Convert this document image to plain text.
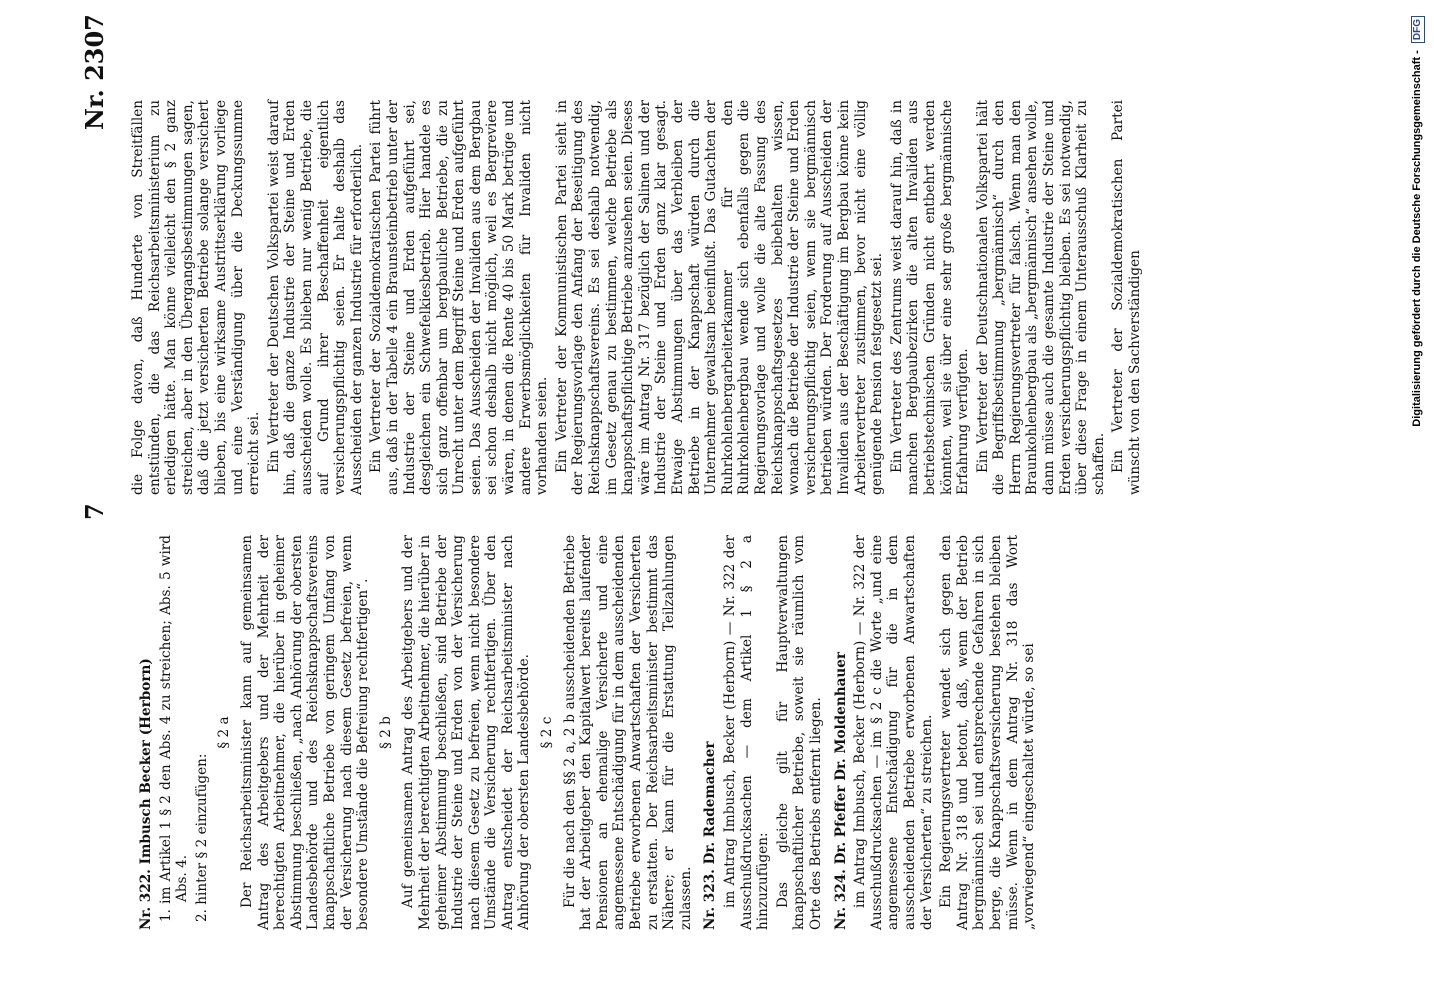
7
Nr. 2307

Nr. 322. Imbusch Becker (Herborn) 1. im Artikel 1 § 2 den Abs. 4 zu streichen; Abs. 5 wird Abs. 4. 2. hinter § 2 einzufügen:

§ 2 a Der Reichsarbeitsminister kann auf gemeinsamen Antrag des Arbeitgebers und der Mehrheit der berechtigten Arbeitnehmer, die hierüber in geheimer Abstimmung beschließen, „nach Anhörung der obersten Landesbehörde und des Reichsknappschaftsvereins knappschaftliche Betriebe von geringem Umfang von der Versicherung nach diesem Gesetz befreien, wenn besondere Umstände die Befreiung rechtfertigen“. § 2 b Auf gemeinsamen Antrag des Arbeitgebers und der Mehrheit der berechtigten Arbeitnehmer, die hierüber in geheimer Abstimmung beschließen, sind Betriebe der Industrie der Steine und Erden von der Versicherung nach diesem Gesetz zu befreien, wenn nicht besondere Umstände die Versicherung rechtfertigen. Über den Antrag entscheidet der Reichsarbeitsminister nach Anhörung der obersten Landesbehörde. § 2 c Für die nach den §§ 2 a, 2 b ausscheidenden Betriebe hat der Arbeitgeber den Kapitalwert bereits laufender Pensionen an ehemalige Versicherte und eine angemessene Entschädigung für in dem ausscheidenden Betriebe erworbenen Anwartschaften der Versicherten zu erstatten. Der Reichsarbeitsminister bestimmt das Nähere; er kann für die Erstattung Teilzahlungen zulassen. Nr. 323. Dr. Rademacher im Antrag Imbusch, Becker (Herborn) — Nr. 322 der Ausschußdrucksachen — dem Artikel 1 § 2 a hinzuzufügen: Das gleiche gilt für Hauptverwaltungen knappschaftlicher Betriebe, soweit sie räumlich vom Orte des Betriebs entfernt liegen. Nr. 324. Dr. Pfeffer Dr. Moldenhauer im Antrag Imbusch, Becker (Herborn) — Nr. 322 der Ausschußdrucksachen — im § 2 c die Worte „und eine angemessene Entschädigung für die in dem ausscheidenden Betriebe erworbenen Anwartschaften der Versicherten“ zu streichen. Ein Regierungsvertreter wendet sich gegen den Antrag Nr. 318 und betont, daß, wenn der Betrieb bergmännisch sei und entsprechende Gefahren in sich berge, die Knappschaftsversicherung bestehen bleiben müsse. Wenn in dem Antrag Nr. 318 das Wort „vorwiegend“ eingeschaltet würde, so sei

die Folge davon, daß Hunderte von Streitfällen entstünden, die das Reichsarbeitsministerium zu erledigen hätte. Man könne vielleicht den § 2 ganz streichen, aber in den Übergangsbestimmungen sagen, daß die jetzt versicherten Betriebe solange versichert blieben, bis eine wirksame Austrittserklärung vorliege und eine Verständigung über die Deckungssumme erreicht sei. Ein Vertreter der Deutschen Volkspartei weist darauf hin, daß die ganze Industrie der Steine und Erden ausscheiden wolle. Es blieben nur wenig Betriebe, die auf Grund ihrer Beschaffenheit eigentlich versicherungspflichtig seien. Er halte deshalb das Ausscheiden der ganzen Industrie für erforderlich. Ein Vertreter der Sozialdemokratischen Partei führt aus, daß in der Tabelle 4 ein Braunsteinbetrieb unter der Industrie der Steine und Erden aufgeführt sei, desgleichen ein Schwefelkiesbetrieb. Hier handele es sich ganz offenbar um bergbauliche Betriebe, die zu Unrecht unter dem Begriff Steine und Erden aufgeführt seien. Das Ausscheiden der Invaliden aus dem Bergbau sei schon deshalb nicht möglich, weil es Bergreviere wären, in denen die Rente 40 bis 50 Mark betrüge und andere Erwerbsmöglichkeiten für Invaliden nicht vorhanden seien. Ein Vertreter der Kommunistischen Partei sieht in der Regierungsvorlage den Anfang der Beseitigung des Reichsknappschaftsvereins. Es sei deshalb notwendig, im Gesetz genau zu bestimmen, welche Betriebe als knappschaftspflichtige Betriebe anzusehen seien. Dieses wäre im Antrag Nr. 317 bezüglich der Salinen und der Industrie der Steine und Erden ganz klar gesagt. Etwaige Abstimmungen über das Verbleiben der Betriebe in der Knappschaft würden durch die Unternehmer gewaltsam beeinflußt. Das Gutachten der Ruhrkohlenbergarbeiterkammer für den Ruhrkohlenbergbau wende sich ebenfalls gegen die Regierungsvorlage und wolle die alte Fassung des Reichsknappschaftsgesetzes beibehalten wissen, wonach die Betriebe der Industrie der Steine und Erden versicherungspflichtig seien, wenn sie bergmännisch betrieben würden. Der Forderung auf Ausscheiden der Invaliden aus der Beschäftigung im Bergbau könne kein Arbeitervertreter zustimmen, bevor nicht eine völlig genügende Pension festgesetzt sei. Ein Vertreter des Zentrums weist darauf hin, daß in manchen Bergbaubezirken die alten Invaliden aus betriebstechnischen Gründen nicht entbehrt werden könnten, weil sie über eine sehr große bergmännische Erfahrung verfügten. Ein Vertreter der Deutschnationalen Volkspartei hält die Begriffsbestimmung „bergmännisch“ durch den Herrn Regierungsvertreter für falsch. Wenn man den Braunkohlenbergbau als „bergmännisch“ ansehen wolle, dann müsse auch die gesamte Industrie der Steine und Erden versicherungspflichtig bleiben. Es sei notwendig, über diese Frage in einem Unterausschuß Klarheit zu schaffen. Ein Vertreter der Sozialdemokratischen Partei wünscht von den Sachverständigen	Digitalisierung gefördert durch die Deutsche Forschungsgemeinschaft - DFG
